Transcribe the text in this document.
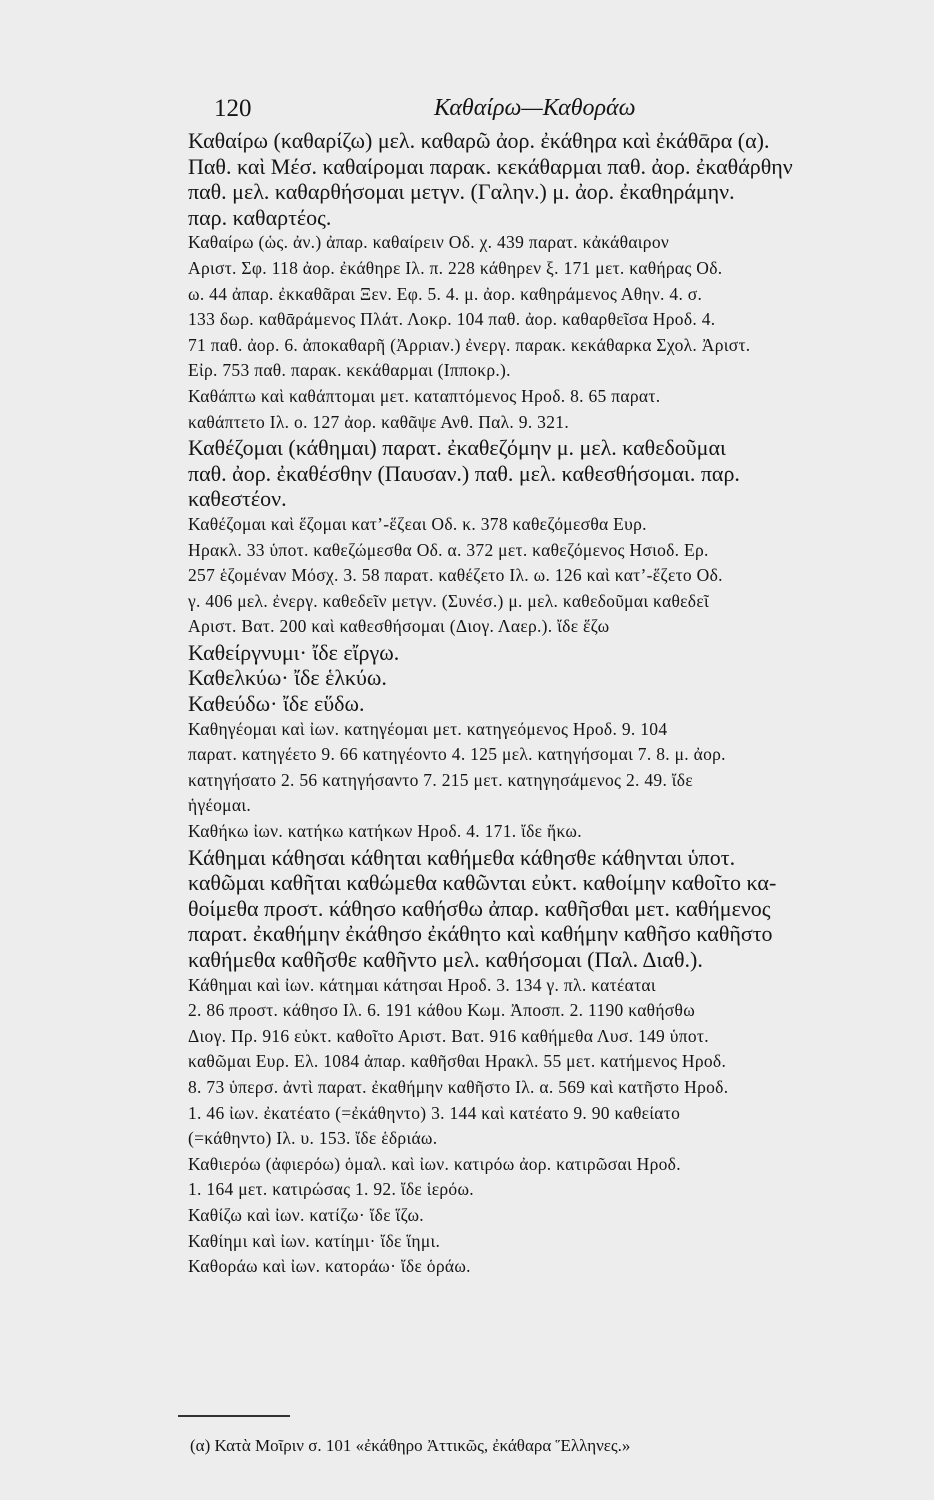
120	Καθαίρω—Καθοράω
Καθαίρω (καθαρίζω) μελ. καθαρῶ ἀορ. ἐκάθηρα καὶ ἐκάθᾱρα (α).
Παθ. καὶ Μέσ. καθαίρομαι παρακ. κεκάθαρμαι παθ. ἀορ. ἐκαθάρθην
παθ. μελ. καθαρθήσομαι μετγν. (Γαλην.) μ. ἀορ. ἐκαθηράμην.
παρ. καθαρτέος.
Καθαίρω (ὡς. ἀν.) ἀπαρ. καθαίρειν Οδ. χ. 439 παρατ. κἀκάθαιρον
Αριστ. Σφ. 118 ἀορ. ἐκάθηρε Ιλ. π. 228 κάθηρεν ξ. 171 μετ. καθήρας Οδ.
ω. 44 ἀπαρ. ἐκκαθᾶραι Ξεν. Εφ. 5. 4. μ. ἀορ. καθηράμενος Αθην. 4. σ.
133 δωρ. καθᾱράμενος Πλάτ. Λοκρ. 104 παθ. ἀορ. καθαρθεῖσα Ηροδ. 4.
71 παθ. ἀορ. 6. ἀποκαθαρῆ (Ἀρριαν.) ἐνεργ. παρακ. κεκάθαρκα Σχολ. Ἀριστ.
Εἰρ. 753 παθ. παρακ. κεκάθαρμαι (Ιπποκρ.).
Καθάπτω καὶ καθάπτομαι μετ. καταπτόμενος Ηροδ. 8. 65 παρατ.
καθάπτετο Ιλ. ο. 127 ἀορ. καθᾶψε Ανθ. Παλ. 9. 321.
Καθέζομαι (κάθημαι) παρατ. ἐκαθεζόμην μ. μελ. καθεδοῦμαι
παθ. ἀορ. ἐκαθέσθην (Παυσαν.) παθ. μελ. καθεσθήσομαι. παρ.
καθεστέον.
Καθέζομαι καὶ ἕζομαι κατ’-ἕζεαι Οδ. κ. 378 καθεζόμεσθα Ευρ.
Ηρακλ. 33 ὑποτ. καθεζώμεσθα Οδ. α. 372 μετ. καθεζόμενος Ησιοδ. Ερ.
257 ἑζομέναν Μόσχ. 3. 58 παρατ. καθέζετο Ιλ. ω. 126 καὶ κατ’-ἕζετο Οδ.
γ. 406 μελ. ἐνεργ. καθεδεῖν μετγν. (Συνέσ.) μ. μελ. καθεδοῦμαι καθεδεῖ
Αριστ. Βατ. 200 καὶ καθεσθήσομαι (Διογ. Λαερ.). ἴδε ἕζω
Καθείργνυμι· ἴδε εἴργω.
Καθελκύω· ἴδε ἑλκύω.
Καθεύδω· ἴδε εὕδω.
Καθηγέομαι καὶ ἰων. κατηγέομαι μετ. κατηγεόμενος Ηροδ. 9. 104
παρατ. κατηγέετο 9. 66 κατηγέοντο 4. 125 μελ. κατηγήσομαι 7. 8. μ. ἀορ.
κατηγήσατο 2. 56 κατηγήσαντο 7. 215 μετ. κατηγησάμενος 2. 49. ἴδε
ἡγέομαι.
Καθήκω ἰων. κατήκω κατήκων Ηροδ. 4. 171. ἴδε ἥκω.
Κάθημαι κάθησαι κάθηται καθήμεθα κάθησθε κάθηνται ὑποτ.
καθῶμαι καθῆται καθώμεθα καθῶνται εὐκτ. καθοίμην καθοῖτο κα-
θοίμεθα προστ. κάθησο καθήσθω ἀπαρ. καθῆσθαι μετ. καθήμενος
παρατ. ἐκαθήμην ἐκάθησο ἐκάθητο καὶ καθήμην καθῆσο καθῆστο
καθήμεθα καθῆσθε καθῆντο μελ. καθήσομαι (Παλ. Διαθ.).
Κάθημαι καὶ ἰων. κάτημαι κάτησαι Ηροδ. 3. 134 γ. πλ. κατέαται
2. 86 προστ. κάθησο Ιλ. 6. 191 κάθου Κωμ. Ἀποσπ. 2. 1190 καθήσθω
Διογ. Πρ. 916 εὐκτ. καθοῖτο Αριστ. Βατ. 916 καθήμεθα Λυσ. 149 ὑποτ.
καθῶμαι Ευρ. Ελ. 1084 ἀπαρ. καθῆσθαι Ηρακλ. 55 μετ. κατήμενος Ηροδ.
8. 73 ὑπερσ. ἀντὶ παρατ. ἐκαθήμην καθῆστο Ιλ. α. 569 καὶ κατῆστο Ηροδ.
1. 46 ἰων. ἐκατέατο (=ἐκάθηντο) 3. 144 καὶ κατέατο 9. 90 καθείατο
(=κάθηντο) Ιλ. υ. 153. ἴδε ἑδριάω.
Καθιερόω (ἀφιερόω) ὁμαλ. καὶ ἰων. κατιρόω ἀορ. κατιρῶσαι Ηροδ.
1. 164 μετ. κατιρώσας 1. 92. ἴδε ἱερόω.
Καθίζω καὶ ἰων. κατίζω· ἴδε ἵζω.
Καθίημι καὶ ἰων. κατίημι· ἴδε ἵημι.
Καθοράω καὶ ἰων. κατοράω· ἴδε ὁράω.
(α) Κατὰ Μοῖριν σ. 101 «ἐκάθηρο Ἀττικῶς, ἐκάθαρα Ἕλληνες.»
